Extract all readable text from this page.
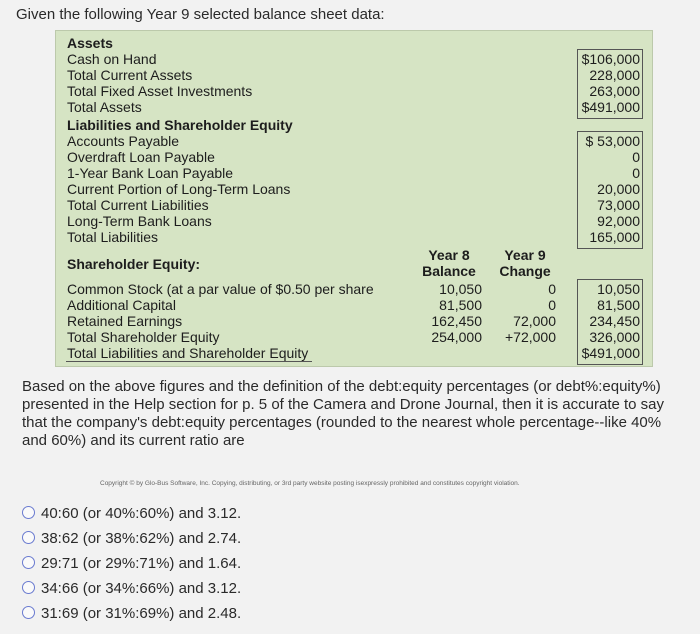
Given the following Year 9 selected balance sheet data:
Assets
Cash on Hand
Total Current Assets
Total Fixed Asset Investments
Total Assets
$106,000
228,000
263,000
$491,000
Liabilities and Shareholder Equity
Accounts Payable
Overdraft Loan Payable
1-Year Bank Loan Payable
Current Portion of Long-Term Loans
Total Current Liabilities
Long-Term Bank Loans
Total Liabilities
$ 53,000
0
0
20,000
73,000
92,000
165,000
Shareholder Equity:
Year 8
Balance
Year 9
Change
Common Stock (at a par value of $0.50 per share
Additional Capital
Retained Earnings
Total Shareholder Equity
Total Liabilities and Shareholder Equity
10,050
81,500
162,450
254,000
0
0
72,000
+72,000
10,050
81,500
234,450
326,000
$491,000
Based on the above figures and the definition of the debt:equity percentages (or debt%:equity%) presented in the Help section for p. 5 of the Camera and Drone Journal, then it is accurate to say that the company's debt:equity percentages (rounded to the nearest whole percentage--like 40% and 60%) and its current ratio are
Copyright © by Glo-Bus Software, Inc. Copying, distributing, or 3rd party website posting isexpressly prohibited and constitutes copyright violation.
40:60 (or 40%:60%) and 3.12.
38:62 (or 38%:62%) and 2.74.
29:71 (or 29%:71%) and 1.64.
34:66 (or 34%:66%) and 3.12.
31:69 (or 31%:69%) and 2.48.
